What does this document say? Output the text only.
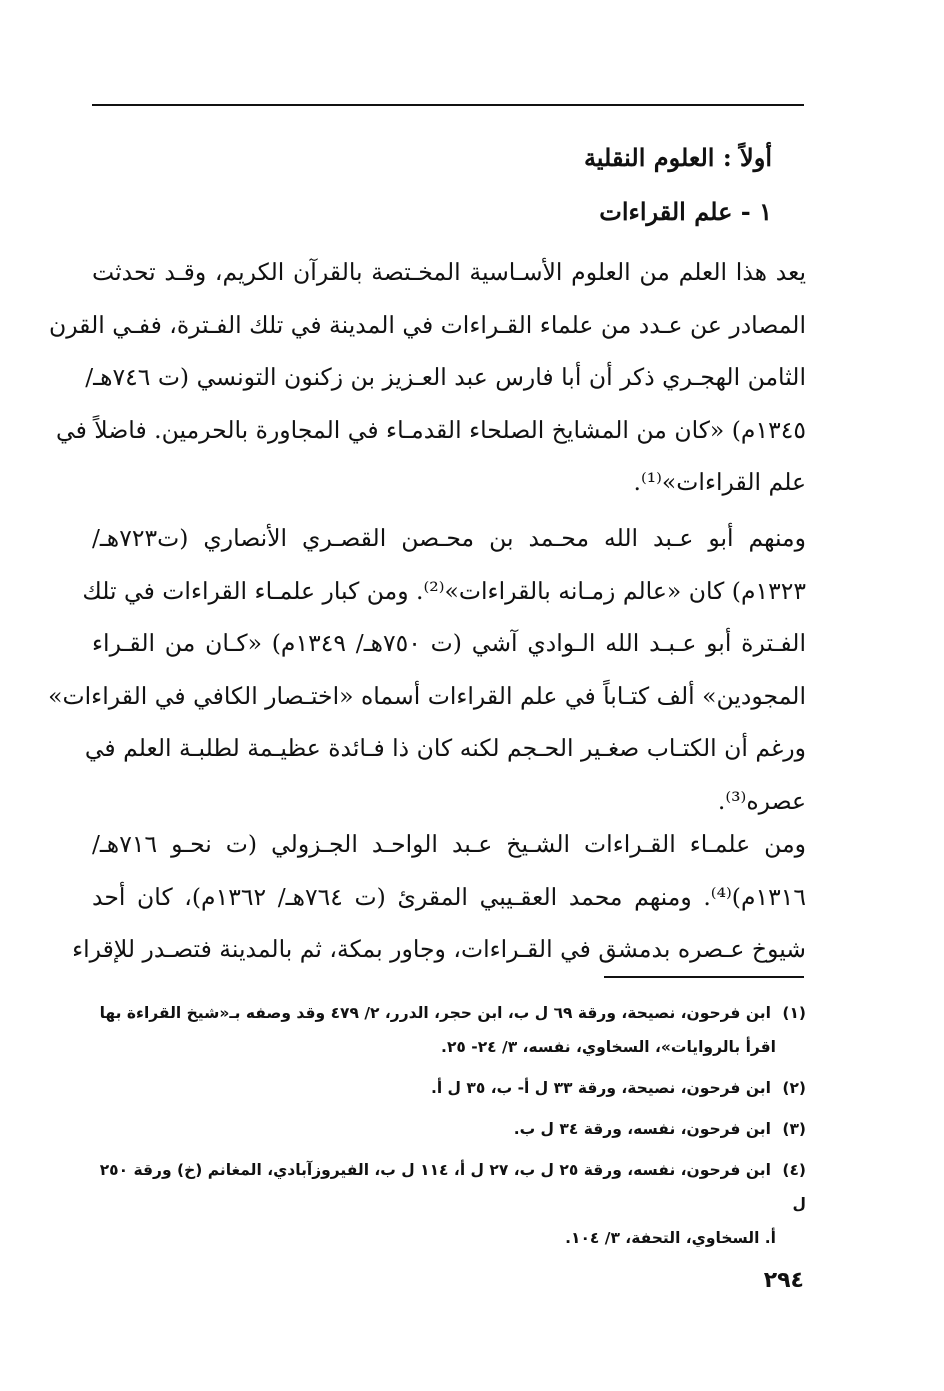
أولاً : العلوم النقلية
١ - علم القراءات
يعد هذا العلم من العلوم الأسـاسية المخـتصة بالقرآن الكريم، وقـد تحدثت
المصادر عن عـدد من علماء القـراءات في المدينة في تلك الفـترة، ففـي القرن
الثامن الهجـري ذكر أن أبا فارس عبد العـزيز بن زكنون التونسي (ت ٧٤٦هـ/
١٣٤٥م) «كان من المشايخ الصلحاء القدمـاء في المجاورة بالحرمين. فاضلاً في
علم القراءات»⁽¹⁾.
ومنهم أبو عـبد الله محـمد بن محـصن القصـري الأنصاري (ت٧٢٣هـ/
١٣٢٣م) كان «عالم زمـانه بالقراءات»⁽²⁾. ومن كبار علمـاء القراءات في تلك
الفـترة أبو عـبـد الله الـوادي آشي (ت ٧٥٠هـ/ ١٣٤٩م) «كـان من القـراء
المجودين» ألف كتـاباً في علم القراءات أسماه «اختـصار الكافي في القراءات»
ورغم أن الكتـاب صغـير الحـجم لكنه كان ذا فـائدة عظيـمة لطلبـة العلم في
عصره⁽³⁾.
ومن علمـاء القـراءات الشـيخ عـبد الواحـد الجـزولي (ت نحـو ٧١٦هـ/
١٣١٦م)⁽⁴⁾. ومنهم محمد العقـيبي المقرئ (ت ٧٦٤هـ/ ١٣٦٢م)، كان أحد
شيوخ عـصره بدمشق في القـراءات، وجاور بمكة، ثم بالمدينة فتصـدر للإقراء
(١) ابن فرحون، نصيحة، ورقة ٦٩ ل ب، ابن حجر، الدرر، ٢/ ٤٧٩ وقد وصفه بـ«شيخ القراءة بها
اقرأ بالروايات»، السخاوي، نفسه، ٣/ ٢٤- ٢٥.
(٢) ابن فرحون، نصيحة، ورقة ٣٣ ل أ- ب، ٣٥ ل أ.
(٣) ابن فرحون، نفسه، ورقة ٣٤ ل ب.
(٤) ابن فرحون، نفسه، ورقة ٢٥ ل ب، ٢٧ ل أ، ١١٤ ل ب، الفيروزآبادي، المغانم (خ) ورقة ٢٥٠ ل
أ. السخاوي، التحفة، ٣/ ١٠٤.
٢٩٤
